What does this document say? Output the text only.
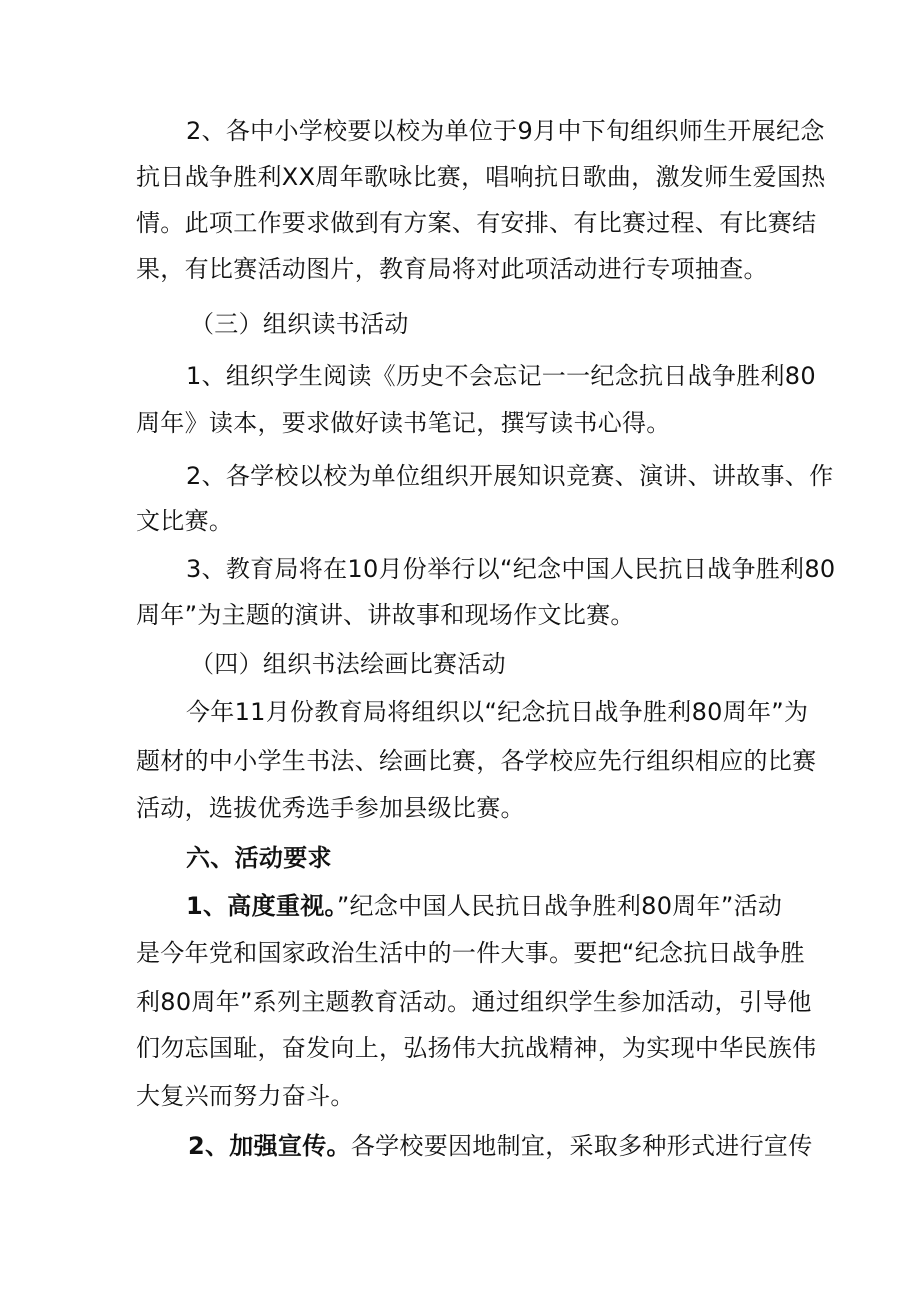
2、各中小学校要以校为单位于9月中下旬组织师生开展纪念
抗日战争胜利XX周年歌咏比赛，唱响抗日歌曲，激发师生爱国热
情。此项工作要求做到有方案、有安排、有比赛过程、有比赛结
果，有比赛活动图片，教育局将对此项活动进行专项抽查。
（三）组织读书活动
1、组织学生阅读《历史不会忘记一一纪念抗日战争胜利80
周年》读本，要求做好读书笔记，撰写读书心得。
2、各学校以校为单位组织开展知识竞赛、演讲、讲故事、作
文比赛。
3、教育局将在10月份举行以“纪念中国人民抗日战争胜利80
周年”为主题的演讲、讲故事和现场作文比赛。
（四）组织书法绘画比赛活动
今年11月份教育局将组织以“纪念抗日战争胜利80周年”为
题材的中小学生书法、绘画比赛，各学校应先行组织相应的比赛
活动，选拔优秀选手参加县级比赛。
六、活动要求
1、高度重视。”纪念中国人民抗日战争胜利80周年”活动
是今年党和国家政治生活中的一件大事。要把“纪念抗日战争胜
利80周年”系列主题教育活动。通过组织学生参加活动，引导他
们勿忘国耻，奋发向上，弘扬伟大抗战精神，为实现中华民族伟
大复兴而努力奋斗。
2、加强宣传。各学校要因地制宜，采取多种形式进行宣传
